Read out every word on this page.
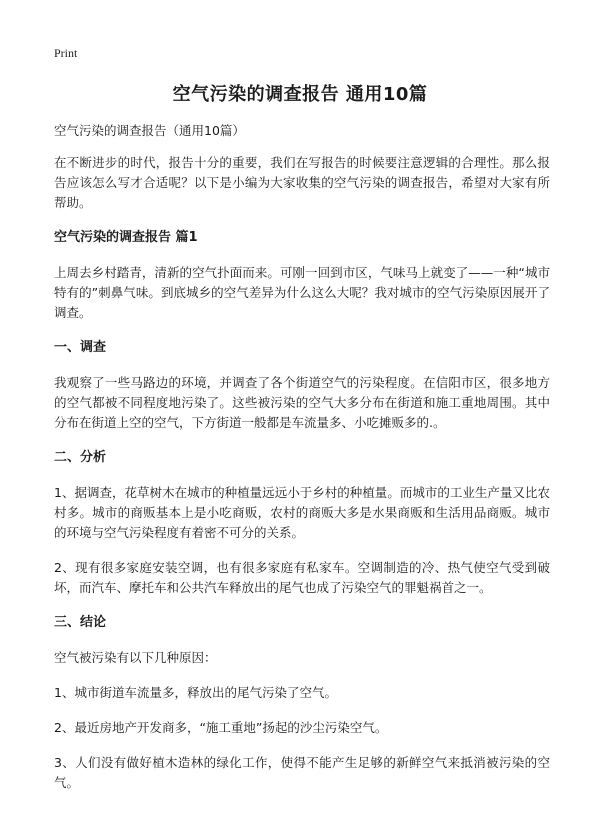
Print
空气污染的调查报告 通用10篇

空气污染的调查报告（通用10篇）

在不断进步的时代，报告十分的重要，我们在写报告的时候要注意逻辑的合理性。那么报告应该怎么写才合适呢？以下是小编为大家收集的空气污染的调查报告，希望对大家有所帮助。

空气污染的调查报告 篇1

上周去乡村踏青，清新的空气扑面而来。可刚一回到市区，气味马上就变了——一种“城市特有的”刺鼻气味。到底城乡的空气差异为什么这么大呢？我对城市的空气污染原因展开了调查。

一、调查

我观察了一些马路边的环境，并调查了各个街道空气的污染程度。在信阳市区，很多地方的空气都被不同程度地污染了。这些被污染的空气大多分布在街道和施工重地周围。其中分布在街道上空的空气，下方街道一般都是车流量多、小吃摊贩多的.。

二、分析

1、据调查，花草树木在城市的种植量远远小于乡村的种植量。而城市的工业生产量又比农村多。城市的商贩基本上是小吃商贩，农村的商贩大多是水果商贩和生活用品商贩。城市的环境与空气污染程度有着密不可分的关系。

2、现有很多家庭安装空调，也有很多家庭有私家车。空调制造的冷、热气使空气受到破坏，而汽车、摩托车和公共汽车释放出的尾气也成了污染空气的罪魁祸首之一。

三、结论

空气被污染有以下几种原因：

1、城市街道车流量多，释放出的尾气污染了空气。

2、最近房地产开发商多，“施工重地”扬起的沙尘污染空气。

3、人们没有做好植木造林的绿化工作，使得不能产生足够的新鲜空气来抵消被污染的空气。
